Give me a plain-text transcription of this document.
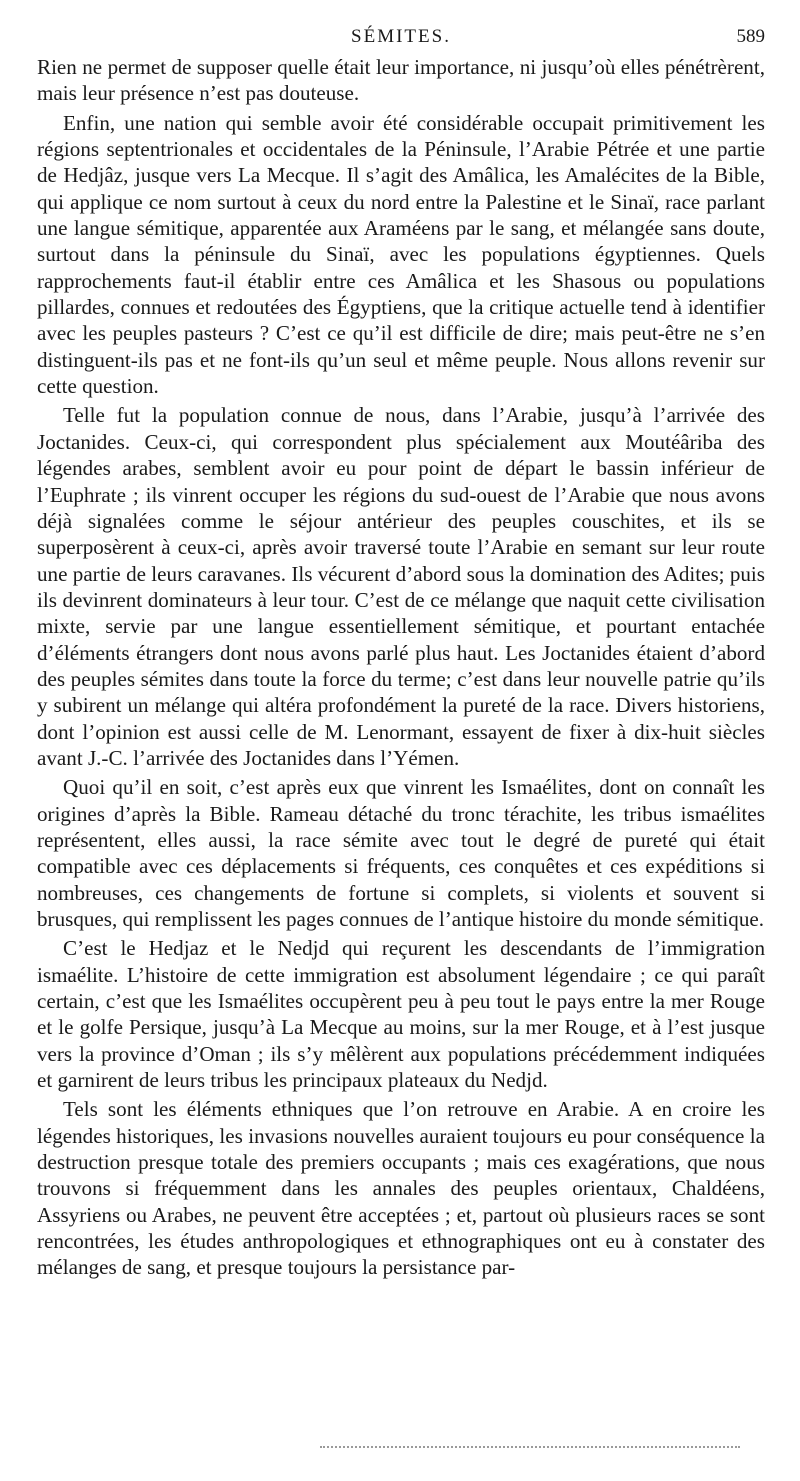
SÉMITES.	589

Rien ne permet de supposer quelle était leur importance, ni jusqu’où elles pénétrèrent, mais leur présence n’est pas douteuse.

Enfin, une nation qui semble avoir été considérable occupait primitivement les régions septentrionales et occidentales de la Péninsule, l’Arabie Pétrée et une partie de Hedjâz, jusque vers La Mecque. Il s’agit des Amâlica, les Amalécites de la Bible, qui applique ce nom surtout à ceux du nord entre la Palestine et le Sinaï, race parlant une langue sémitique, apparentée aux Araméens par le sang, et mélangée sans doute, surtout dans la péninsule du Sinaï, avec les populations égyptiennes. Quels rapprochements faut-il établir entre ces Amâlica et les Shasous ou populations pillardes, connues et redoutées des Égyptiens, que la critique actuelle tend à identifier avec les peuples pasteurs ? C’est ce qu’il est difficile de dire; mais peut-être ne s’en distinguent-ils pas et ne font-ils qu’un seul et même peuple. Nous allons revenir sur cette question.

Telle fut la population connue de nous, dans l’Arabie, jusqu’à l’arrivée des Joctanides. Ceux-ci, qui correspondent plus spécialement aux Moutéâriba des légendes arabes, semblent avoir eu pour point de départ le bassin inférieur de l’Euphrate ; ils vinrent occuper les régions du sud-ouest de l’Arabie que nous avons déjà signalées comme le séjour antérieur des peuples couschites, et ils se superposèrent à ceux-ci, après avoir traversé toute l’Arabie en semant sur leur route une partie de leurs caravanes. Ils vécurent d’abord sous la domination des Adites; puis ils devinrent dominateurs à leur tour. C’est de ce mélange que naquit cette civilisation mixte, servie par une langue essentiellement sémitique, et pourtant entachée d’éléments étrangers dont nous avons parlé plus haut. Les Joctanides étaient d’abord des peuples sémites dans toute la force du terme; c’est dans leur nouvelle patrie qu’ils y subirent un mélange qui altéra profondément la pureté de la race. Divers historiens, dont l’opinion est aussi celle de M. Lenormant, essayent de fixer à dix-huit siècles avant J.-C. l’arrivée des Joctanides dans l’Yémen.

Quoi qu’il en soit, c’est après eux que vinrent les Ismaélites, dont on connaît les origines d’après la Bible. Rameau détaché du tronc térachite, les tribus ismaélites représentent, elles aussi, la race sémite avec tout le degré de pureté qui était compatible avec ces déplacements si fréquents, ces conquêtes et ces expéditions si nombreuses, ces changements de fortune si complets, si violents et souvent si brusques, qui remplissent les pages connues de l’antique histoire du monde sémitique.

C’est le Hedjaz et le Nedjd qui reçurent les descendants de l’immigration ismaélite. L’histoire de cette immigration est absolument légendaire ; ce qui paraît certain, c’est que les Ismaélites occupèrent peu à peu tout le pays entre la mer Rouge et le golfe Persique, jusqu’à La Mecque au moins, sur la mer Rouge, et à l’est jusque vers la province d’Oman ; ils s’y mêlèrent aux populations précédemment indiquées et garnirent de leurs tribus les principaux plateaux du Nedjd.

Tels sont les éléments ethniques que l’on retrouve en Arabie. A en croire les légendes historiques, les invasions nouvelles auraient toujours eu pour conséquence la destruction presque totale des premiers occupants ; mais ces exagérations, que nous trouvons si fréquemment dans les annales des peuples orientaux, Chaldéens, Assyriens ou Arabes, ne peuvent être acceptées ; et, partout où plusieurs races se sont rencontrées, les études anthropologiques et ethnographiques ont eu à constater des mélanges de sang, et presque toujours la persistance par-
